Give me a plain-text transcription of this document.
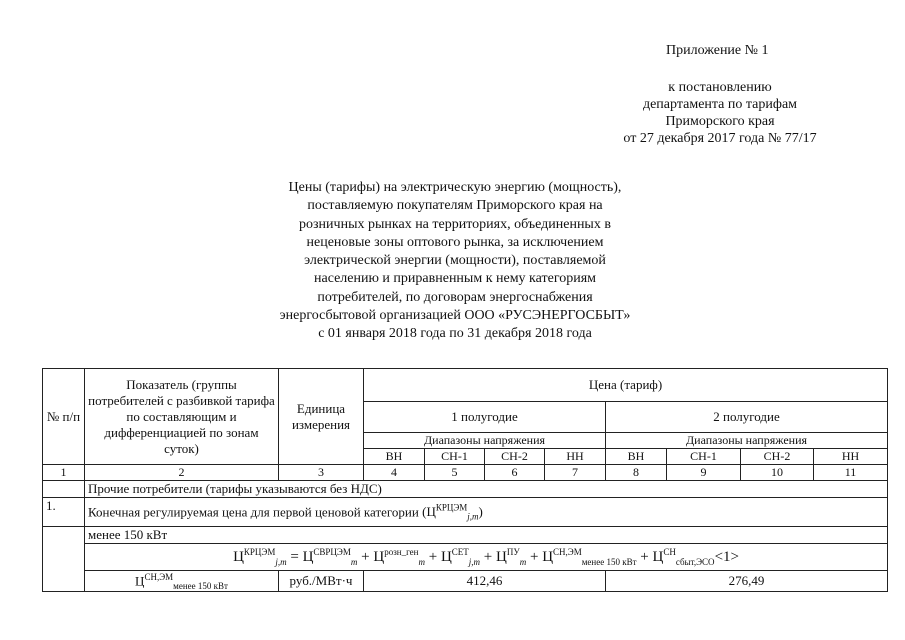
Приложение № 1
к постановлению
департамента по тарифам
Приморского края
от 27 декабря 2017 года № 77/17
Цены (тарифы) на электрическую энергию (мощность),
поставляемую покупателям Приморского края на
розничных рынках на территориях, объединенных в
неценовые зоны оптового рынка, за исключением
электрической энергии (мощности), поставляемой
населению и приравненным к нему категориям
потребителей, по договорам энергоснабжения
энергосбытовой организацией ООО «РУСЭНЕРГОСБЫТ»
с 01 января 2018 года по 31 декабря 2018 года
№ п/п	Показатель (группы потребителей с разбивкой тарифа по составляющим и дифференциацией по зонам суток)	Единица измерения	Цена (тариф)							
			1 полугодие				2 полугодие			
			Диапазоны напряжения				Диапазоны напряжения			
			ВН	СН-1	СН-2	НН	ВН	СН-1	СН-2	НН
1	2	3	4	5	6	7	8	9	10	11
	Прочие потребители (тарифы указываются без НДС)									
1.	Конечная регулируемая цена для первой ценовой категории $(Ц^{КРЦЭМ}_{j,m})$									
	менее 150 кВт									
	$Ц^{КРЦЭМ}_{j,m} = Ц^{СВРЦЭМ}_m + Ц^{розн\_ген}_m + Ц^{СЕТ}_{j,m} + Ц^{ПУ}_m + Ц^{СН,ЭМ}_{менее 150 кВт} + Ц^{СН}_{сбыт,ЭСО}<1>$									
	$Ц^{СН,ЭМ}_{менее 150 кВт}$	руб./МВт·ч	412,46				276,49			
